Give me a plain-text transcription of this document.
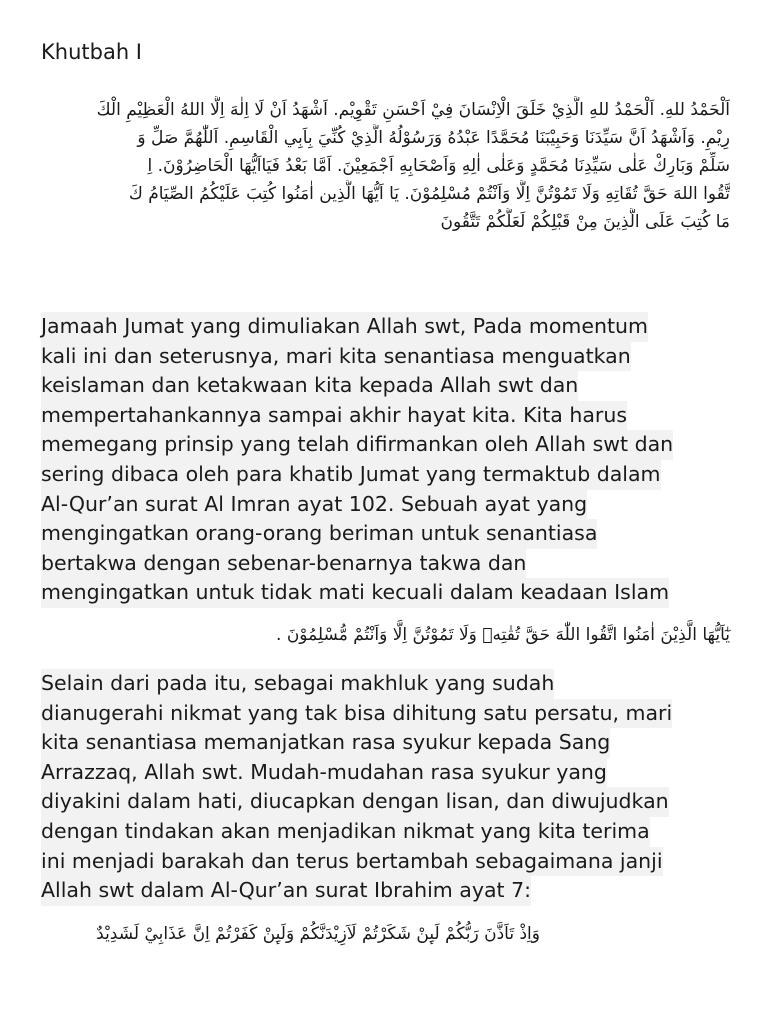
Khutbah I
اَلْحَمْدُ للهِ. اَلْحَمْدُ للهِ الَّذِيْ خَلَقَ الْاِنْسَانَ فِيْ اَحْسَنِ تَقْوِيْم. اَشْهَدُ اَنْ لَا اِلٰهَ اِلَّا اللهُ الْعَظِيْمِ الْكَ
رِيْمِ. وَاَشْهَدُ اَنَّ سَيِّدَنَا وَحَبِيْبَنَا مُحَمَّدًا عَبْدُهُ وَرَسُوْلُهُ الَّذِيْ كُنِّيَ بِاَبِي الْقَاسِمِ. اَللّٰهُمَّ صَلِّ وَ
سَلِّمْ وَبَارِكْ عَلٰى سَيِّدِنَا مُحَمَّدٍ وَعَلٰى اٰلِهِ وَاَصْحَابِهِ اَجْمَعِيْنَ. اَمَّا بَعْدُ فَيَااَيُّهَا الْحَاضِرُوْنَ. اِ
تَّقُوا اللهَ حَقَّ تُقَاتِهِ وَلَا تَمُوْتُنَّ اِلَّا وَاَنْتُمْ مُسْلِمُوْنَ. يَا اَيُّهَا الَّذِين اٰمَنُوا كُتِبَ عَلَيْكُمُ الصِّيَامُ كَ
مَا كُتِبَ عَلَى الَّذِينَ مِنْ قَبْلِكُمْ لَعَلَّكُمْ تَتَّقُونَ
Jamaah Jumat yang dimuliakan Allah swt, Pada momentum
kali ini dan seterusnya, mari kita senantiasa menguatkan
keislaman dan ketakwaan kita kepada Allah swt dan
mempertahankannya sampai akhir hayat kita. Kita harus
memegang prinsip yang telah difirmankan oleh Allah swt dan
sering dibaca oleh para khatib Jumat yang termaktub dalam
Al-Qur’an surat Al Imran ayat 102. Sebuah ayat yang
mengingatkan orang-orang beriman untuk senantiasa
bertakwa dengan sebenar-benarnya takwa dan
mengingatkan untuk tidak mati kecuali dalam keadaan Islam
يٰٓاَيُّهَا الَّذِيْنَ اٰمَنُوا اتَّقُوا اللّٰهَ حَقَّ تُقٰتِهٖ وَلَا تَمُوْتُنَّ اِلَّا وَاَنْتُمْ مُّسْلِمُوْنَ .
Selain dari pada itu, sebagai makhluk yang sudah
dianugerahi nikmat yang tak bisa dihitung satu persatu, mari
kita senantiasa memanjatkan rasa syukur kepada Sang
Arrazzaq, Allah swt. Mudah-mudahan rasa syukur yang
diyakini dalam hati, diucapkan dengan lisan, dan diwujudkan
dengan tindakan akan menjadikan nikmat yang kita terima
ini menjadi barakah dan terus bertambah sebagaimana janji
Allah swt dalam Al-Qur’an surat Ibrahim ayat 7:
وَاِذْ تَاَذَّنَ رَبُّكُمْ لَىِٕنْ شَكَرْتُمْ لَاَزِيْدَنَّكُمْ وَلَىِٕنْ كَفَرْتُمْ اِنَّ عَذَابِيْ لَشَدِيْدٌ
